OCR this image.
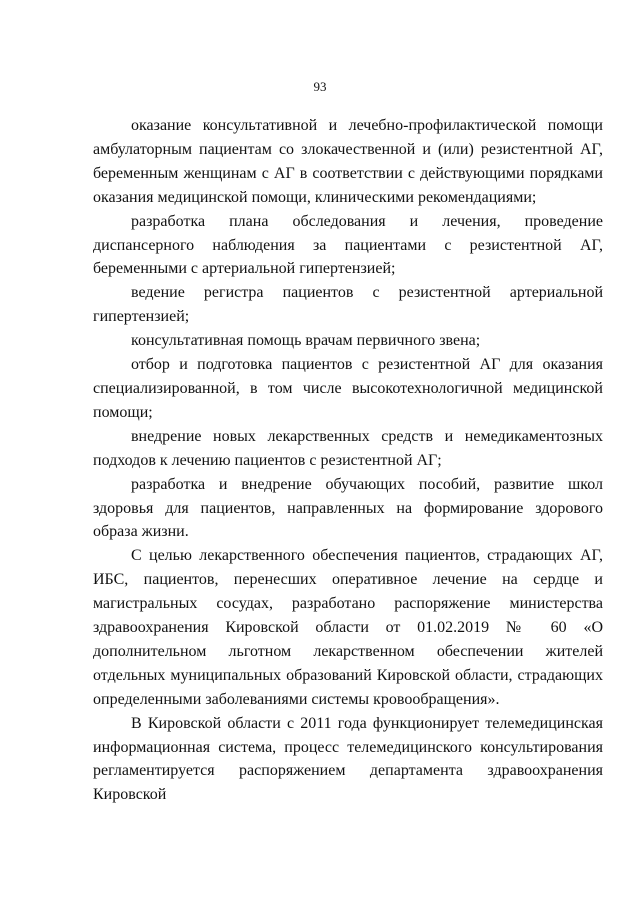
93

оказание консультативной и лечебно-профилактической помощи амбулаторным пациентам со злокачественной и (или) резистентной АГ, беременным женщинам с АГ в соответствии с действующими порядками оказания медицинской помощи, клиническими рекомендациями;

разработка плана обследования и лечения, проведение диспансерного наблюдения за пациентами с резистентной АГ, беременными с артериальной гипертензией;

ведение регистра пациентов с резистентной артериальной гипертензией;

консультативная помощь врачам первичного звена;

отбор и подготовка пациентов с резистентной АГ для оказания специализированной, в том числе высокотехнологичной медицинской помощи;

внедрение новых лекарственных средств и немедикаментозных подходов к лечению пациентов с резистентной АГ;

разработка и внедрение обучающих пособий, развитие школ здоровья для пациентов, направленных на формирование здорового образа жизни.

С целью лекарственного обеспечения пациентов, страдающих АГ, ИБС, пациентов, перенесших оперативное лечение на сердце и магистральных сосудах, разработано распоряжение министерства здравоохранения Кировской области от 01.02.2019 № 60 «О дополнительном льготном лекарственном обеспечении жителей отдельных муниципальных образований Кировской области, страдающих определенными заболеваниями системы кровообращения».

В Кировской области с 2011 года функционирует телемедицинская информационная система, процесс телемедицинского консультирования регламентируется распоряжением департамента здравоохранения Кировской
